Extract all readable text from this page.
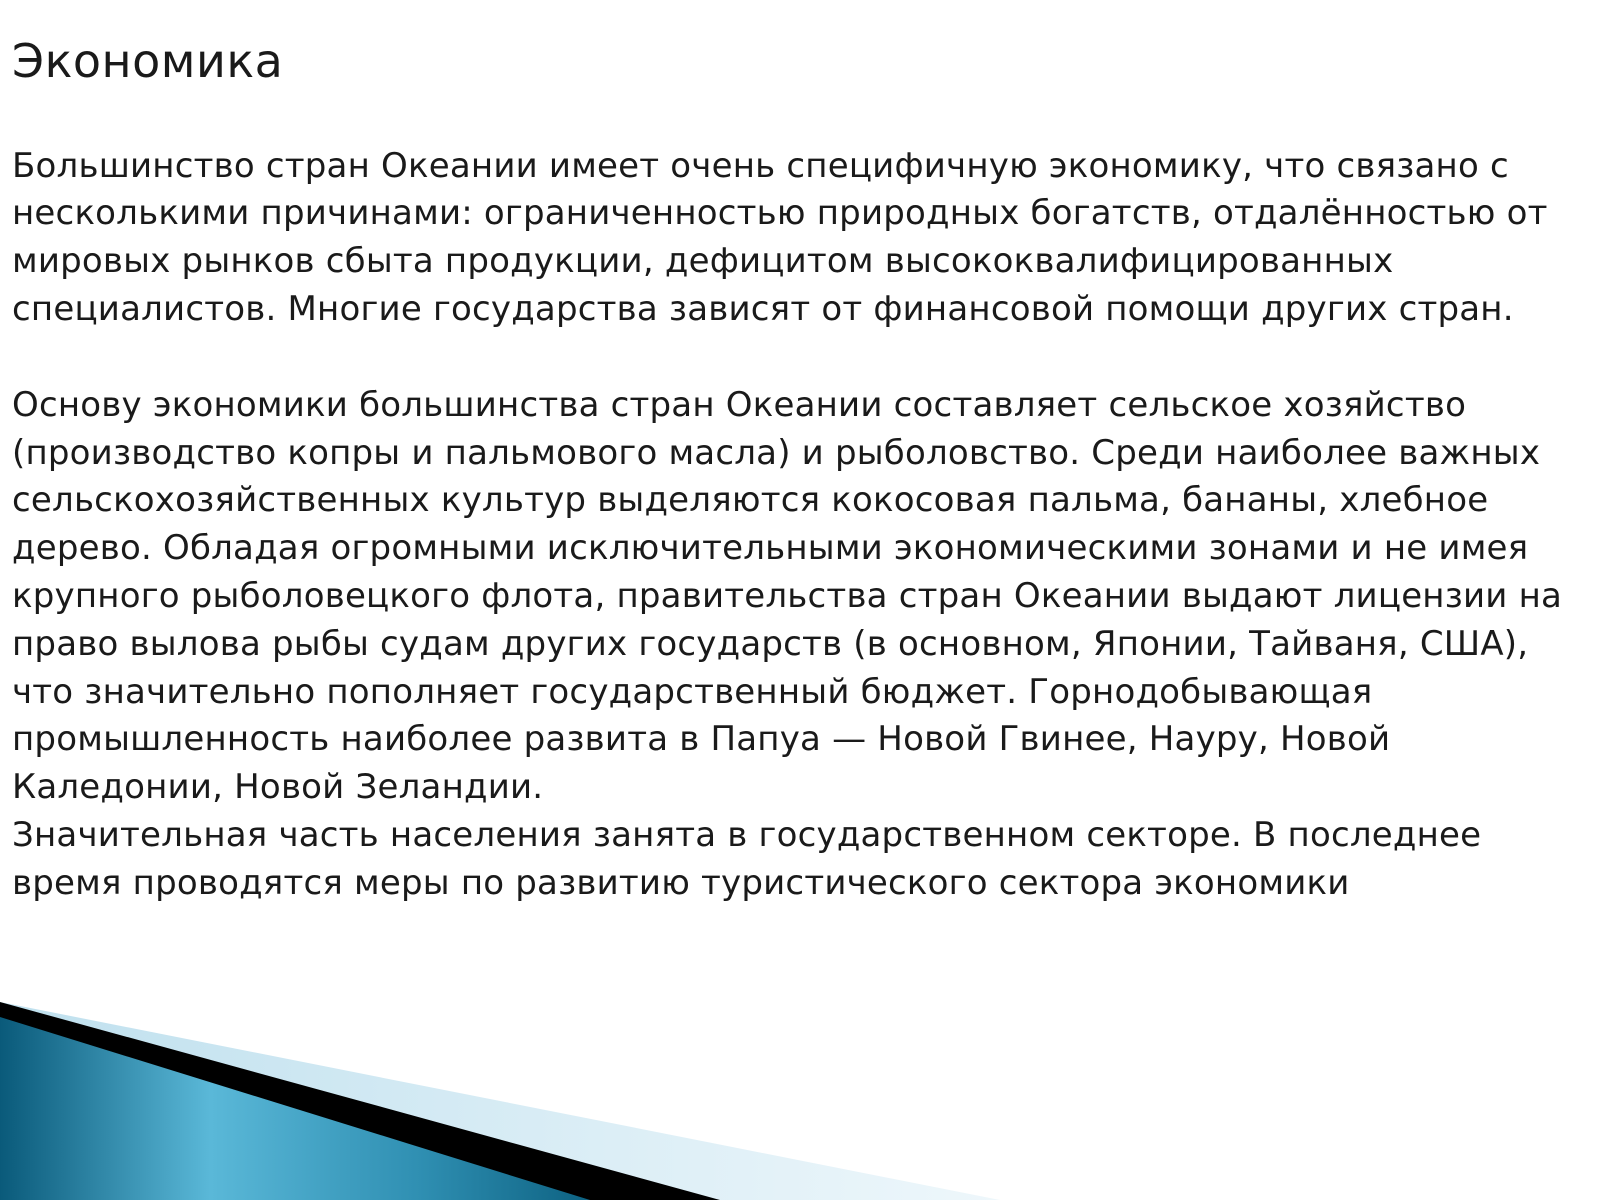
Экономика

Большинство стран Океании имеет очень специфичную экономику, что связано с несколькими причинами: ограниченностью природных богатств, отдалённостью от мировых рынков сбыта продукции, дефицитом высококвалифицированных специалистов. Многие государства зависят от финансовой помощи других стран.

Основу экономики большинства стран Океании составляет сельское хозяйство (производство копры и пальмового масла) и рыболовство. Среди наиболее важных сельскохозяйственных культур выделяются кокосовая пальма, бананы, хлебное дерево. Обладая огромными исключительными экономическими зонами и не имея крупного рыболовецкого флота, правительства стран Океании выдают лицензии на право вылова рыбы судам других государств (в основном, Японии, Тайваня, США), что значительно пополняет государственный бюджет. Горнодобывающая промышленность наиболее развита в Папуа — Новой Гвинее, Науру, Новой Каледонии, Новой Зеландии.

Значительная часть населения занята в государственном секторе. В последнее время проводятся меры по развитию туристического сектора экономики
